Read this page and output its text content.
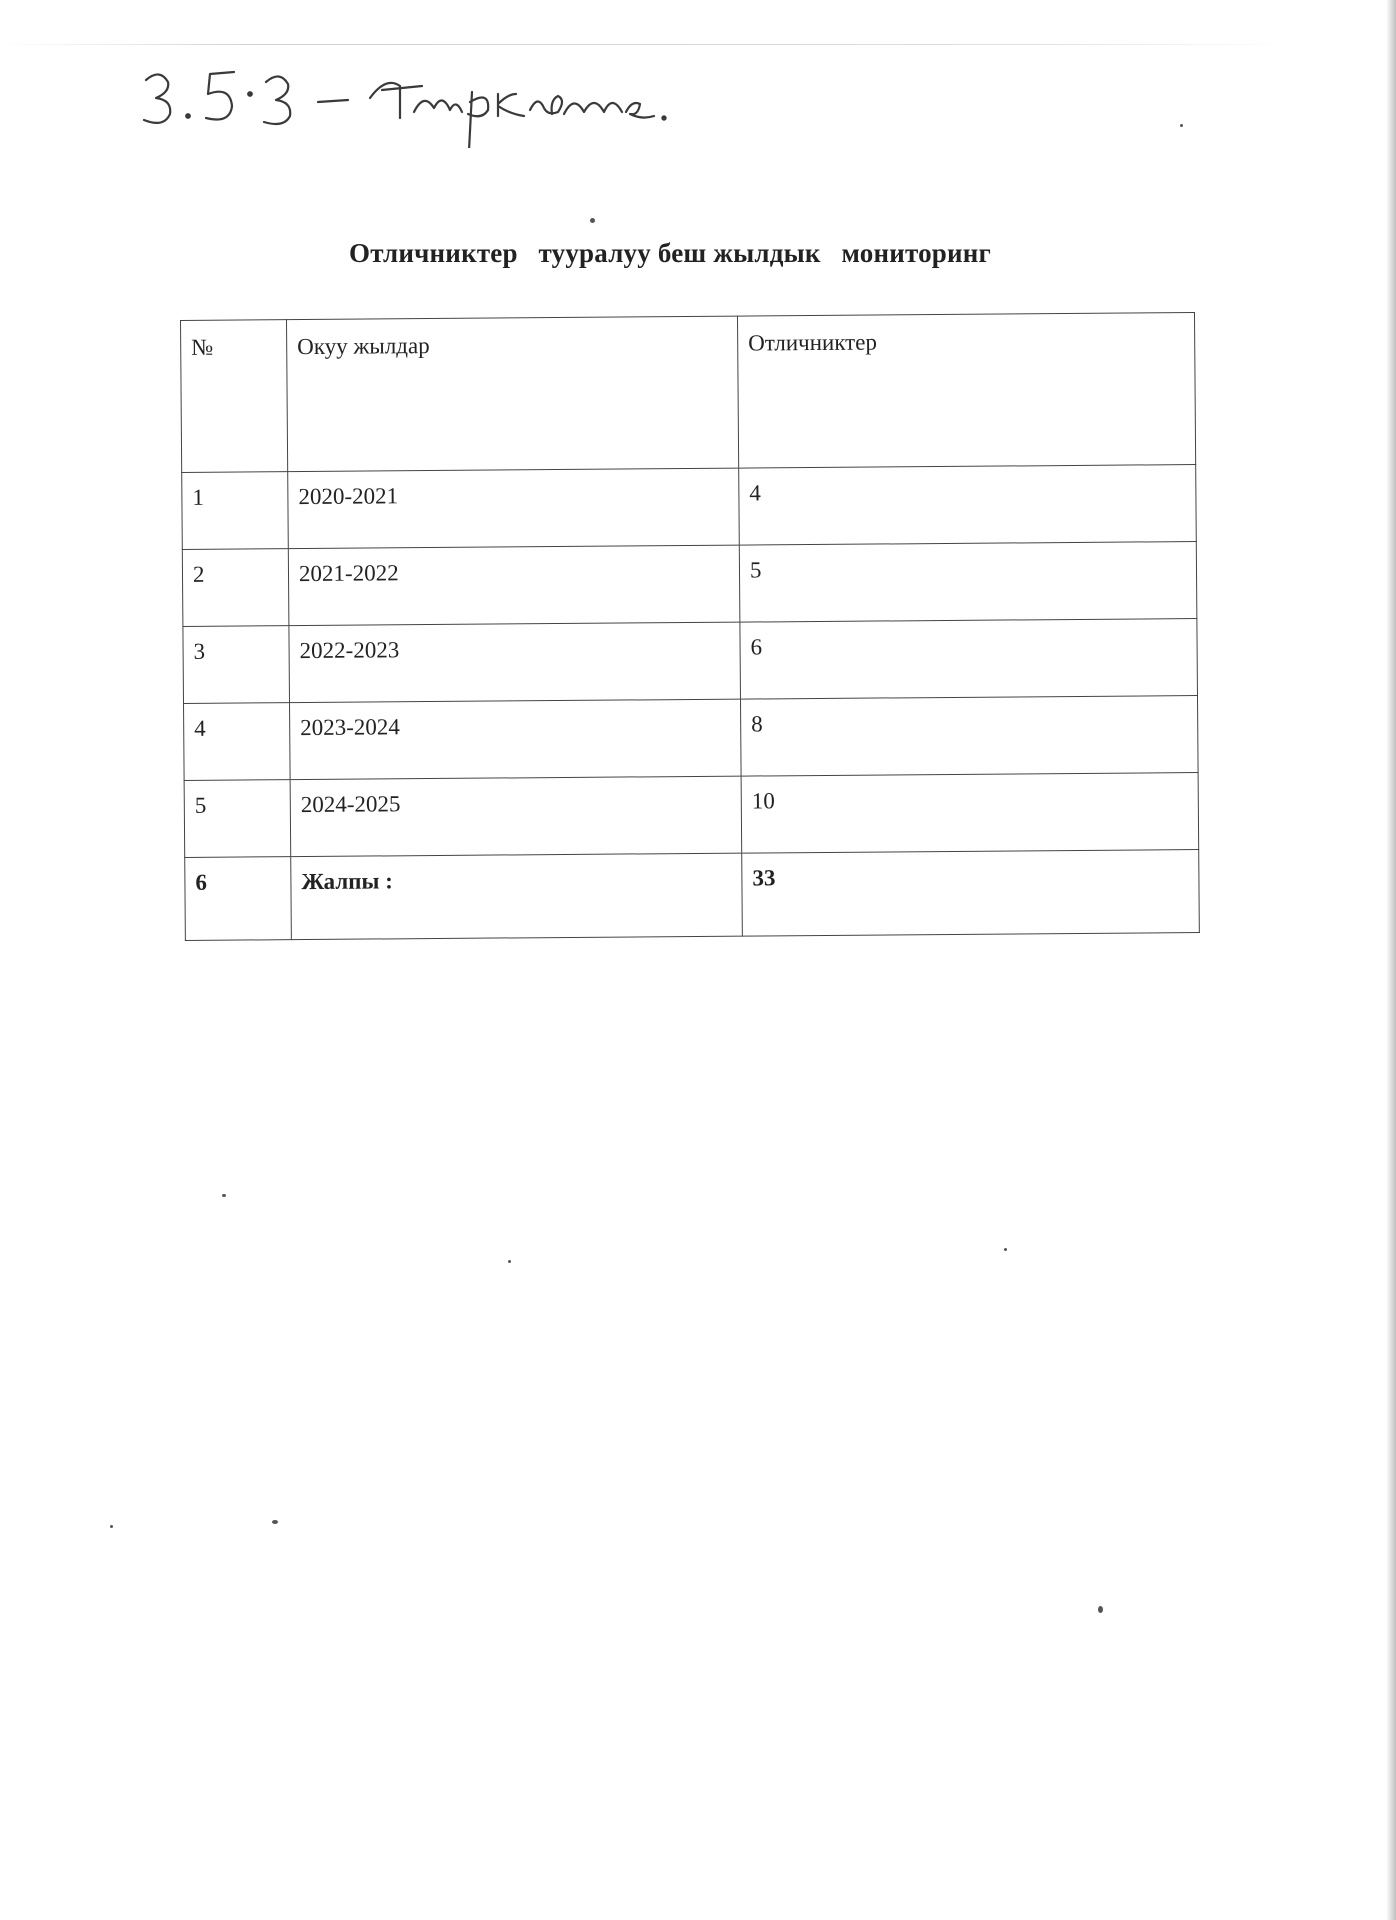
Отличниктер   тууралуу беш жылдык   мониторинг
№	Окуу жылдар	Отличниктер
1	2020-2021	4
2	2021-2022	5
3	2022-2023	6
4	2023-2024	8
5	2024-2025	10
6	Жалпы :	33
